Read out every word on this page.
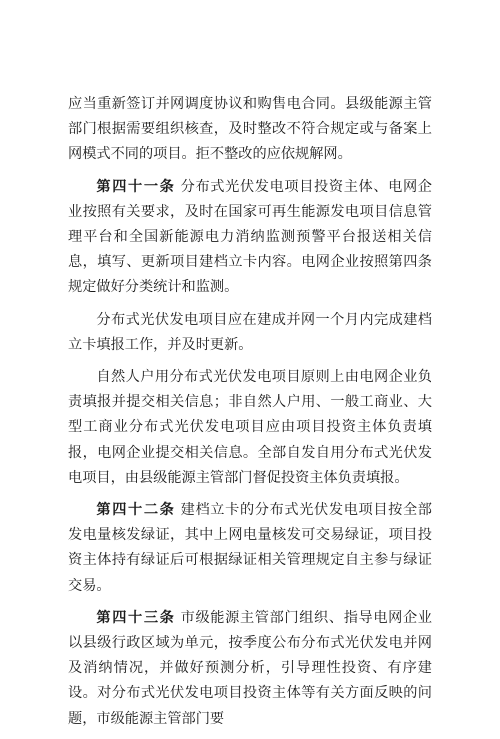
应当重新签订并网调度协议和购售电合同。县级能源主管部门根据需要组织核查，及时整改不符合规定或与备案上网模式不同的项目。拒不整改的应依规解网。

第四十一条 分布式光伏发电项目投资主体、电网企业按照有关要求，及时在国家可再生能源发电项目信息管理平台和全国新能源电力消纳监测预警平台报送相关信息，填写、更新项目建档立卡内容。电网企业按照第四条规定做好分类统计和监测。

分布式光伏发电项目应在建成并网一个月内完成建档立卡填报工作，并及时更新。

自然人户用分布式光伏发电项目原则上由电网企业负责填报并提交相关信息；非自然人户用、一般工商业、大型工商业分布式光伏发电项目应由项目投资主体负责填报，电网企业提交相关信息。全部自发自用分布式光伏发电项目，由县级能源主管部门督促投资主体负责填报。

第四十二条 建档立卡的分布式光伏发电项目按全部发电量核发绿证，其中上网电量核发可交易绿证，项目投资主体持有绿证后可根据绿证相关管理规定自主参与绿证交易。

第四十三条 市级能源主管部门组织、指导电网企业以县级行政区域为单元，按季度公布分布式光伏发电并网及消纳情况，并做好预测分析，引导理性投资、有序建设。对分布式光伏发电项目投资主体等有关方面反映的问题，市级能源主管部门要
